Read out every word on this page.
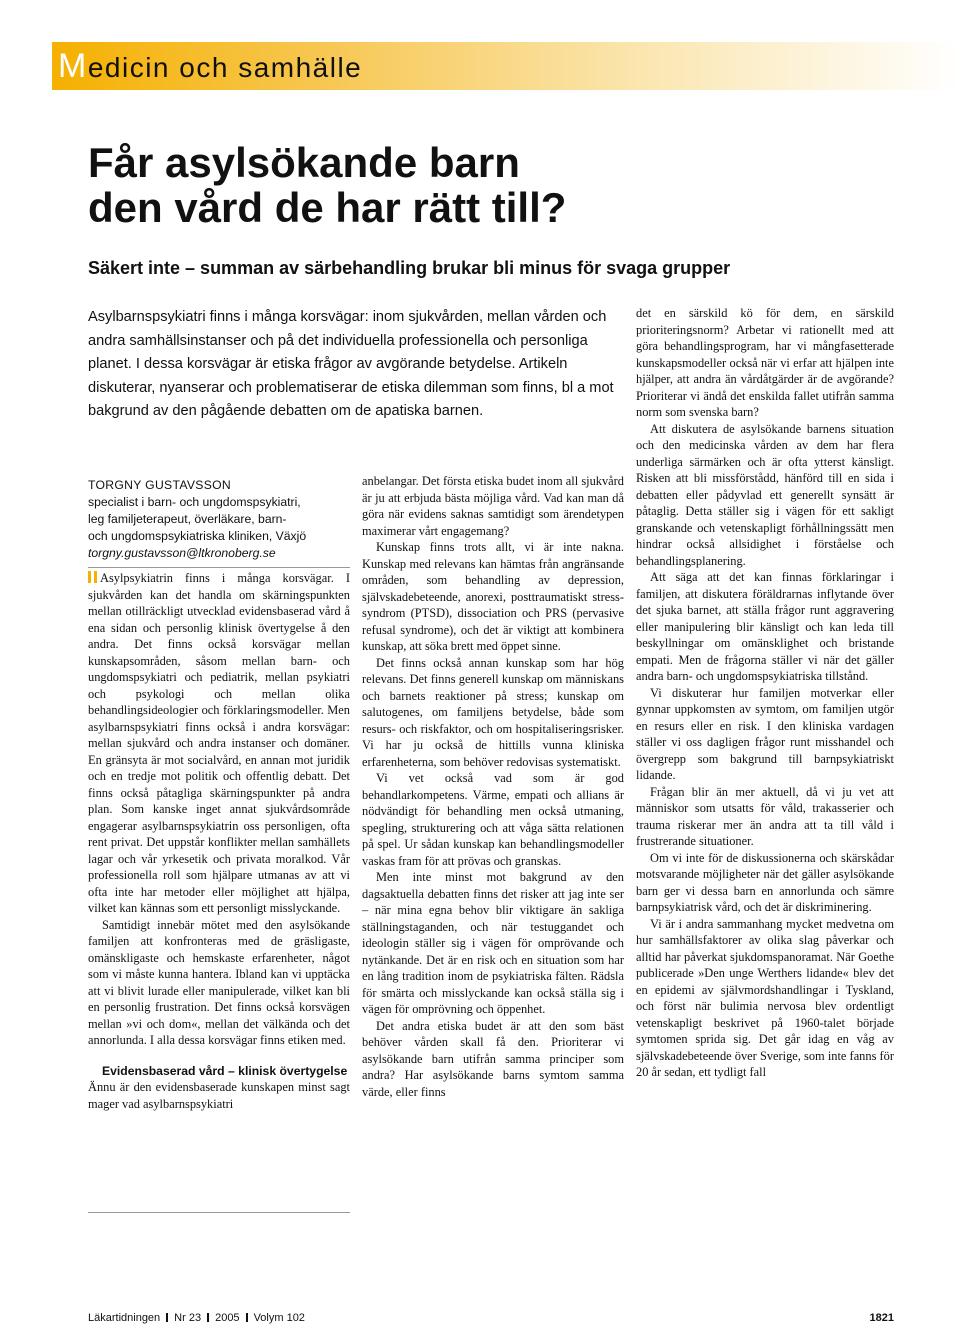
Medicin och samhälle
Får asylsökande barn
den vård de har rätt till?
Säkert inte – summan av särbehandling brukar bli minus för svaga grupper
Asylbarnspsykiatri finns i många korsvägar: inom sjukvården, mellan vården och andra samhällsinstanser och på det individuella professionella och personliga planet. I dessa korsvägar är etiska frågor av avgörande betydelse. Artikeln diskuterar, nyanserar och problematiserar de etiska dilemman som finns, bl a mot bakgrund av den pågående debatten om de apatiska barnen.
TORGNY GUSTAVSSON
specialist i barn- och ungdomspsykiatri,
leg familjeterapeut, överläkare, barn-
och ungdomspsykiatriska kliniken, Växjö
torgny.gustavsson@ltkronoberg.se

Asylpsykiatrin finns i många korsvägar. I sjukvården kan det handla om skärningspunkten mellan otillräckligt utvecklad evidensbaserad vård å ena sidan och personlig klinisk övertygelse å den andra. Det finns också korsvägar mellan kunskapsområden, såsom mellan barn- och ungdomspsykiatri och pediatrik, mellan psykiatri och psykologi och mellan olika behandlingsideologier och förklaringsmodeller. Men asylbarnspsykiatri finns också i andra korsvägar: mellan sjukvård och andra instanser och domäner. En gränsyta är mot socialvård, en annan mot juridik och en tredje mot politik och offentlig debatt. Det finns också påtagliga skärningspunkter på andra plan. Som kanske inget annat sjukvårdsområde engagerar asylbarnspsykiatrin oss personligen, ofta rent privat. Det uppstår konflikter mellan samhällets lagar och vår yrkesetik och privata moralkod. Vår professionella roll som hjälpare utmanas av att vi ofta inte har metoder eller möjlighet att hjälpa, vilket kan kännas som ett personligt misslyckande.

Samtidigt innebär mötet med den asylsökande familjen att konfronteras med de gräsligaste, omänskligaste och hemskaste erfarenheter, något som vi måste kunna hantera. Ibland kan vi upptäcka att vi blivit lurade eller manipulerade, vilket kan bli en personlig frustration. Det finns också korsvägen mellan »vi och dom«, mellan det välkända och det annorlunda. I alla dessa korsvägar finns etiken med.

Evidensbaserad vård – klinisk övertygelse

Ännu är den evidensbaserade kunskapen minst sagt mager vad asylbarnspsykiatri

anbelangar. Det första etiska budet inom all sjukvård är ju att erbjuda bästa möjliga vård. Vad kan man då göra när evidens saknas samtidigt som ärendetypen maximerar vårt engagemang?

Kunskap finns trots allt, vi är inte nakna. Kunskap med relevans kan hämtas från angränsande områden, som behandling av depression, självskadebeteende, anorexi, posttraumatiskt stress-syndrom (PTSD), dissociation och PRS (pervasive refusal syndrome), och det är viktigt att kombinera kunskap, att söka brett med öppet sinne.

Det finns också annan kunskap som har hög relevans. Det finns generell kunskap om människans och barnets reaktioner på stress; kunskap om salutogenes, om familjens betydelse, både som resurs- och riskfaktor, och om hospitaliseringsrisker. Vi har ju också de hittills vunna kliniska erfarenheterna, som behöver redovisas systematiskt.

Vi vet också vad som är god behandlarkompetens. Värme, empati och allians är nödvändigt för behandling men också utmaning, spegling, strukturering och att våga sätta relationen på spel. Ur sådan kunskap kan behandlingsmodeller vaskas fram för att prövas och granskas.

Men inte minst mot bakgrund av den dagsaktuella debatten finns det risker att jag inte ser – när mina egna behov blir viktigare än sakliga ställningstaganden, och när testuggandet och ideologin ställer sig i vägen för omprövande och nytänkande. Det är en risk och en situation som har en lång tradition inom de psykiatriska fälten. Rädsla för smärta och misslyckande kan också ställa sig i vägen för omprövning och öppenhet.

Det andra etiska budet är att den som bäst behöver vården skall få den. Prioriterar vi asylsökande barn utifrån samma principer som andra? Har asylsökande barns symtom samma värde, eller finns

det en särskild kö för dem, en särskild prioriteringsnorm? Arbetar vi rationellt med att göra behandlingsprogram, har vi mångfasetterade kunskapsmodeller också när vi erfar att hjälpen inte hjälper, att andra än vårdåtgärder är de avgörande? Prioriterar vi ändå det enskilda fallet utifrån samma norm som svenska barn?

Att diskutera de asylsökande barnens situation och den medicinska vården av dem har flera underliga särmärken och är ofta ytterst känsligt. Risken att bli missförstådd, hänförd till en sida i debatten eller pådyvlad ett generellt synsätt är påtaglig. Detta ställer sig i vägen för ett sakligt granskande och vetenskapligt förhållningssätt men hindrar också allsidighet i förståelse och behandlingsplanering.

Att säga att det kan finnas förklaringar i familjen, att diskutera föräldrarnas inflytande över det sjuka barnet, att ställa frågor runt aggravering eller manipulering blir känsligt och kan leda till beskyllningar om omänsklighet och bristande empati. Men de frågorna ställer vi när det gäller andra barn- och ungdomspsykiatriska tillstånd.

Vi diskuterar hur familjen motverkar eller gynnar uppkomsten av symtom, om familjen utgör en resurs eller en risk. I den kliniska vardagen ställer vi oss dagligen frågor runt misshandel och övergrepp som bakgrund till barnpsykiatriskt lidande.

Frågan blir än mer aktuell, då vi ju vet att människor som utsatts för våld, trakasserier och trauma riskerar mer än andra att ta till våld i frustrerande situationer.

Om vi inte för de diskussionerna och skärskådar motsvarande möjligheter när det gäller asylsökande barn ger vi dessa barn en annorlunda och sämre barnpsykiatrisk vård, och det är diskriminering.

Vi är i andra sammanhang mycket medvetna om hur samhällsfaktorer av olika slag påverkar och alltid har påverkat sjukdomspanoramat. När Goethe publicerade »Den unge Werthers lidande« blev det en epidemi av självmordshandlingar i Tyskland, och först när bulimia nervosa blev ordentligt vetenskapligt beskrivet på 1960-talet började symtomen sprida sig. Det går idag en våg av självskadebeteende över Sverige, som inte fanns för 20 år sedan, ett tydligt fall

Läkartidningen Nr 23 2005 Volym 102	1821
